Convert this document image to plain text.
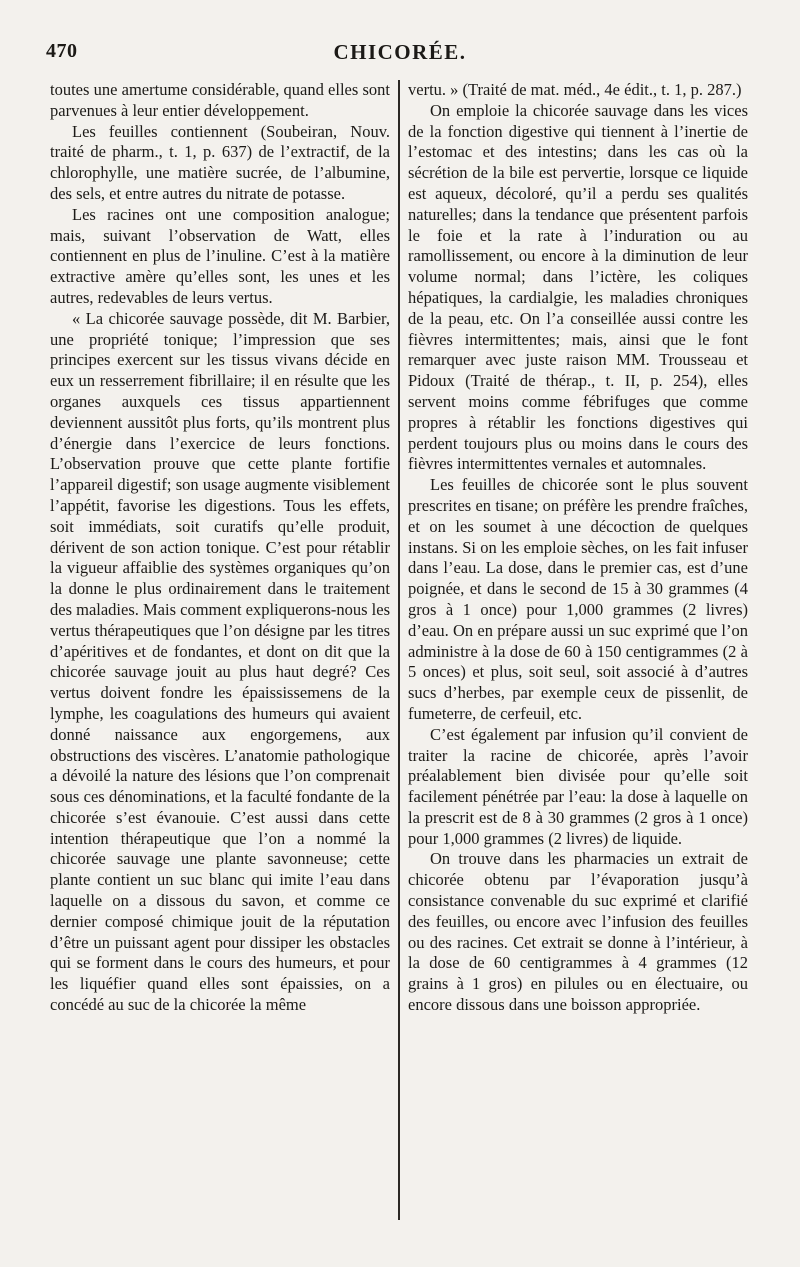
470	CHICORÉE.

toutes une amertume considérable, quand elles sont parvenues à leur entier développement.

Les feuilles contiennent (Soubeiran, Nouv. traité de pharm., t. 1, p. 637) de l’extractif, de la chlorophylle, une matière sucrée, de l’albumine, des sels, et entre autres du nitrate de potasse.

Les racines ont une composition analogue; mais, suivant l’observation de Watt, elles contiennent en plus de l’inuline. C’est à la matière extractive amère qu’elles sont, les unes et les autres, redevables de leurs vertus.

« La chicorée sauvage possède, dit M. Barbier, une propriété tonique; l’impression que ses principes exercent sur les tissus vivans décide en eux un resserrement fibrillaire; il en résulte que les organes auxquels ces tissus appartiennent deviennent aussitôt plus forts, qu’ils montrent plus d’énergie dans l’exercice de leurs fonctions. L’observation prouve que cette plante fortifie l’appareil digestif; son usage augmente visiblement l’appétit, favorise les digestions. Tous les effets, soit immédiats, soit curatifs qu’elle produit, dérivent de son action tonique. C’est pour rétablir la vigueur affaiblie des systèmes organiques qu’on la donne le plus ordinairement dans le traitement des maladies. Mais comment expliquerons-nous les vertus thérapeutiques que l’on désigne par les titres d’apéritives et de fondantes, et dont on dit que la chicorée sauvage jouit au plus haut degré? Ces vertus doivent fondre les épaississemens de la lymphe, les coagulations des humeurs qui avaient donné naissance aux engorgemens, aux obstructions des viscères. L’anatomie pathologique a dévoilé la nature des lésions que l’on comprenait sous ces dénominations, et la faculté fondante de la chicorée s’est évanouie. C’est aussi dans cette intention thérapeutique que l’on a nommé la chicorée sauvage une plante savonneuse; cette plante contient un suc blanc qui imite l’eau dans laquelle on a dissous du savon, et comme ce dernier composé chimique jouit de la réputation d’être un puissant agent pour dissiper les obstacles qui se forment dans le cours des humeurs, et pour les liquéfier quand elles sont épaissies, on a concédé au suc de la chicorée la même

vertu. » (Traité de mat. méd., 4e édit., t. 1, p. 287.)

On emploie la chicorée sauvage dans les vices de la fonction digestive qui tiennent à l’inertie de l’estomac et des intestins; dans les cas où la sécrétion de la bile est pervertie, lorsque ce liquide est aqueux, décoloré, qu’il a perdu ses qualités naturelles; dans la tendance que présentent parfois le foie et la rate à l’induration ou au ramollissement, ou encore à la diminution de leur volume normal; dans l’ictère, les coliques hépatiques, la cardialgie, les maladies chroniques de la peau, etc. On l’a conseillée aussi contre les fièvres intermittentes; mais, ainsi que le font remarquer avec juste raison MM. Trousseau et Pidoux (Traité de thérap., t. II, p. 254), elles servent moins comme fébrifuges que comme propres à rétablir les fonctions digestives qui perdent toujours plus ou moins dans le cours des fièvres intermittentes vernales et automnales.

Les feuilles de chicorée sont le plus souvent prescrites en tisane; on préfère les prendre fraîches, et on les soumet à une décoction de quelques instans. Si on les emploie sèches, on les fait infuser dans l’eau. La dose, dans le premier cas, est d’une poignée, et dans le second de 15 à 30 grammes (4 gros à 1 once) pour 1,000 grammes (2 livres) d’eau. On en prépare aussi un suc exprimé que l’on administre à la dose de 60 à 150 centigrammes (2 à 5 onces) et plus, soit seul, soit associé à d’autres sucs d’herbes, par exemple ceux de pissenlit, de fumeterre, de cerfeuil, etc.

C’est également par infusion qu’il convient de traiter la racine de chicorée, après l’avoir préalablement bien divisée pour qu’elle soit facilement pénétrée par l’eau: la dose à laquelle on la prescrit est de 8 à 30 grammes (2 gros à 1 once) pour 1,000 grammes (2 livres) de liquide.

On trouve dans les pharmacies un extrait de chicorée obtenu par l’évaporation jusqu’à consistance convenable du suc exprimé et clarifié des feuilles, ou encore avec l’infusion des feuilles ou des racines. Cet extrait se donne à l’intérieur, à la dose de 60 centigrammes à 4 grammes (12 grains à 1 gros) en pilules ou en électuaire, ou encore dissous dans une boisson appropriée.
